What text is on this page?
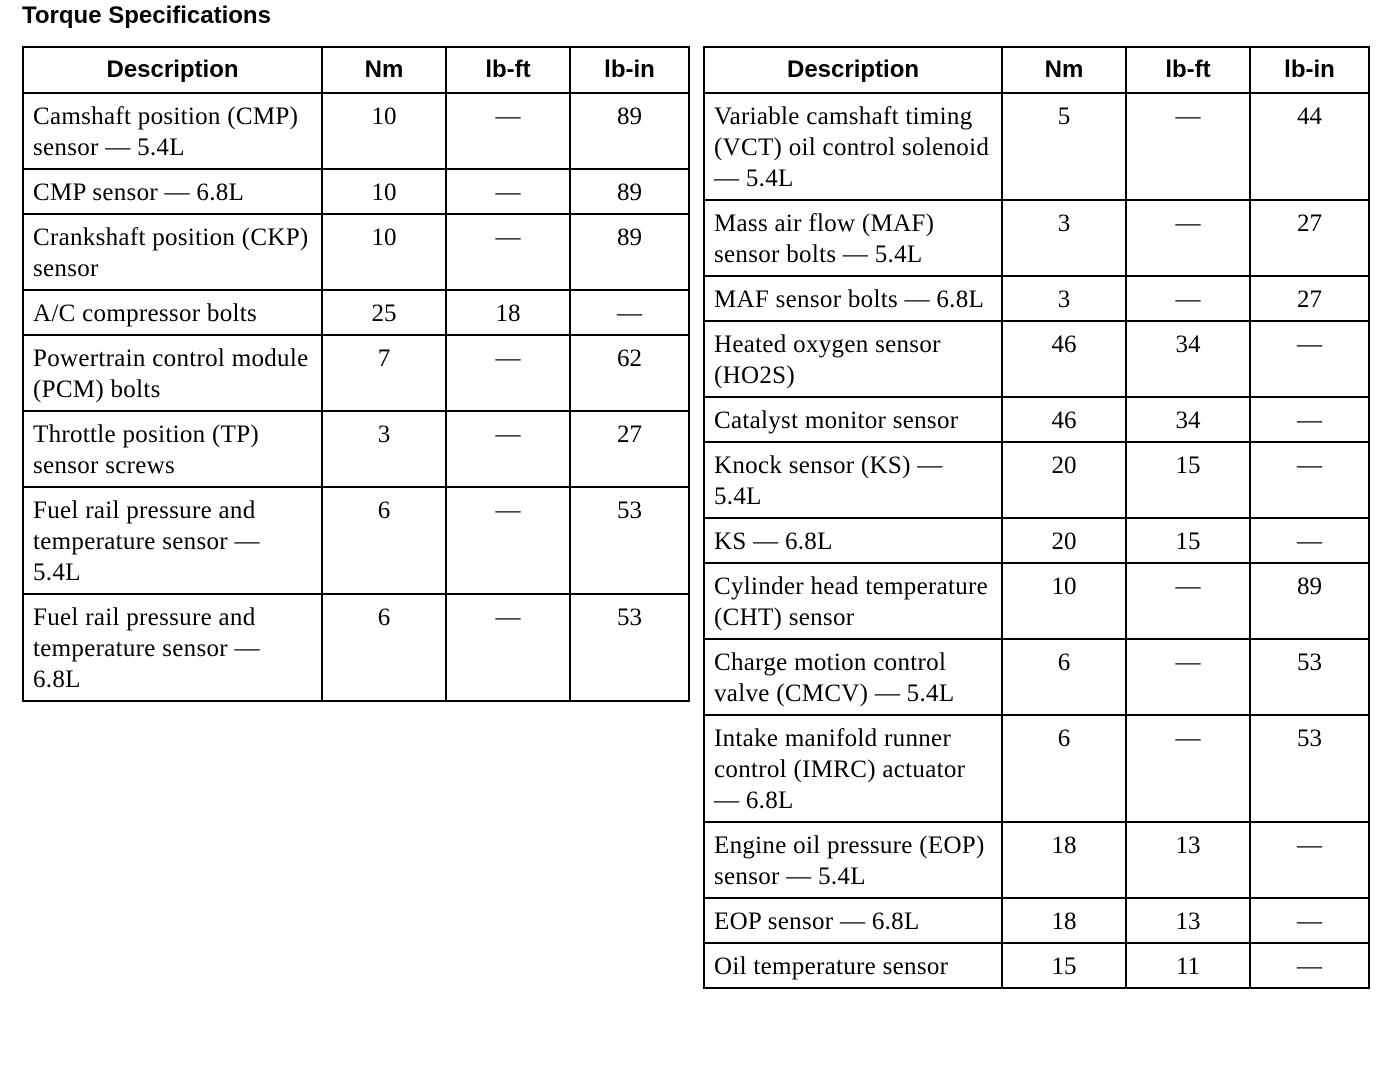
Torque Specifications
Description	Nm	lb-ft	lb-in
Camshaft position (CMP) sensor — 5.4L	10	—	89
CMP sensor — 6.8L	10	—	89
Crankshaft position (CKP) sensor	10	—	89
A/C compressor bolts	25	18	—
Powertrain control module (PCM) bolts	7	—	62
Throttle position (TP) sensor screws	3	—	27
Fuel rail pressure and temperature sensor — 5.4L	6	—	53
Fuel rail pressure and temperature sensor — 6.8L	6	—	53
Description	Nm	lb-ft	lb-in
Variable camshaft timing (VCT) oil control solenoid — 5.4L	5	—	44
Mass air flow (MAF) sensor bolts — 5.4L	3	—	27
MAF sensor bolts — 6.8L	3	—	27
Heated oxygen sensor (HO2S)	46	34	—
Catalyst monitor sensor	46	34	—
Knock sensor (KS) — 5.4L	20	15	—
KS — 6.8L	20	15	—
Cylinder head temperature (CHT) sensor	10	—	89
Charge motion control valve (CMCV) — 5.4L	6	—	53
Intake manifold runner control (IMRC) actuator — 6.8L	6	—	53
Engine oil pressure (EOP) sensor — 5.4L	18	13	—
EOP sensor — 6.8L	18	13	—
Oil temperature sensor	15	11	—
